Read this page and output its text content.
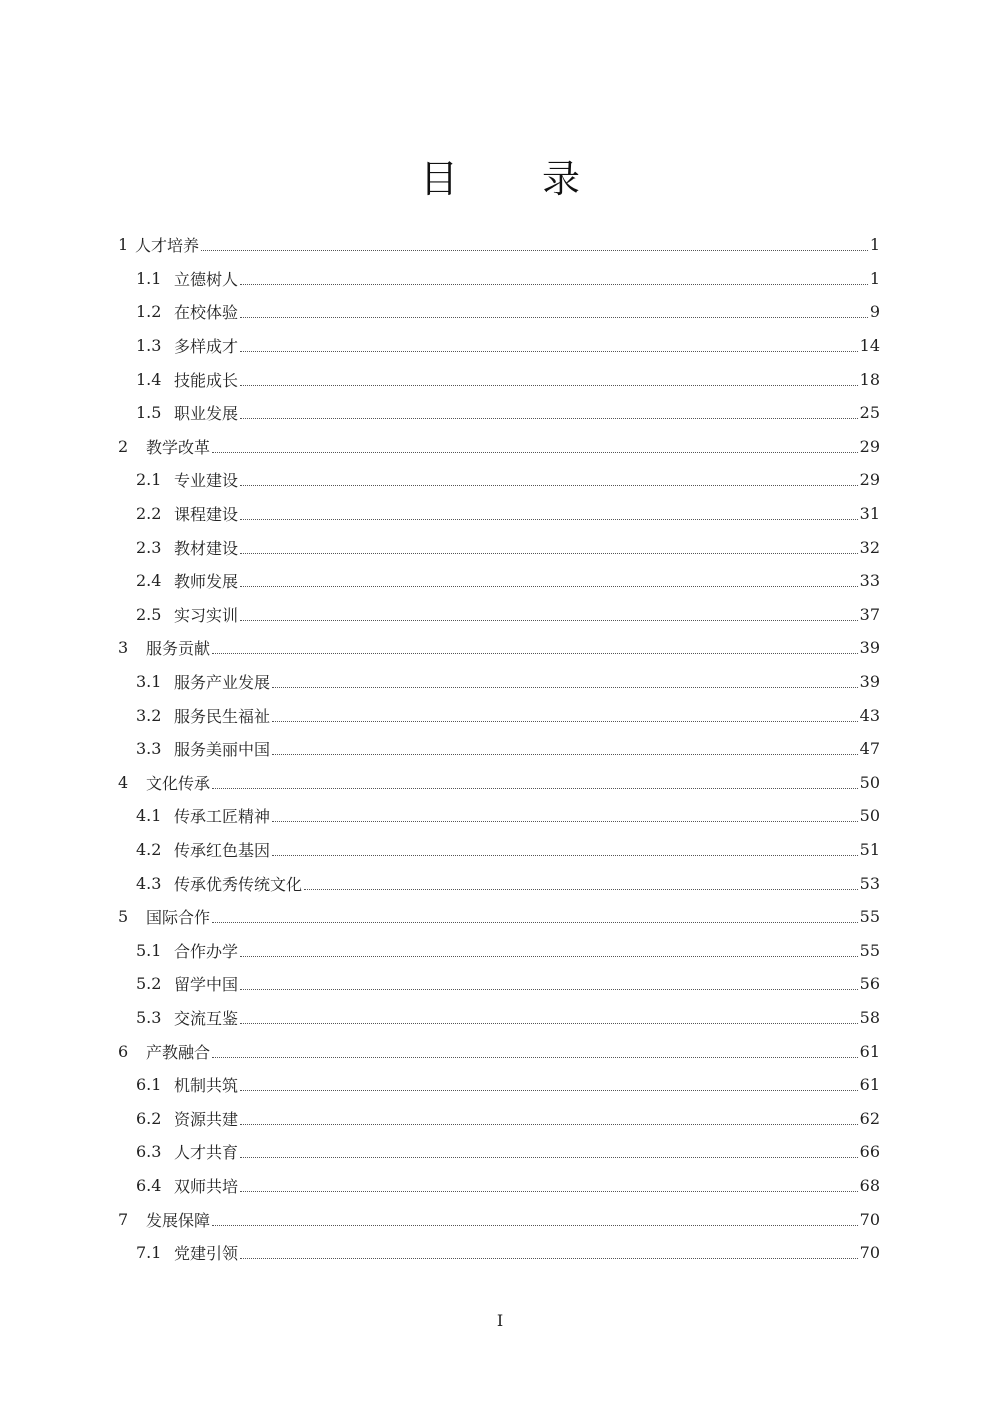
目 录
1 人才培养	1
1.1 立德树人	1
1.2 在校体验	9
1.3 多样成才	14
1.4 技能成长	18
1.5 职业发展	25
2	教学改革	29
2.1 专业建设	29
2.2 课程建设	31
2.3 教材建设	32
2.4 教师发展	33
2.5 实习实训	37
3	服务贡献	39
3.1 服务产业发展	39
3.2 服务民生福祉	43
3.3 服务美丽中国	47
4	文化传承	50
4.1 传承工匠精神	50
4.2 传承红色基因	51
4.3 传承优秀传统文化	53
5	国际合作	55
5.1 合作办学	55
5.2 留学中国	56
5.3 交流互鉴	58
6	产教融合	61
6.1 机制共筑	61
6.2 资源共建	62
6.3 人才共育	66
6.4 双师共培	68
7	发展保障	70
7.1 党建引领	70
I
